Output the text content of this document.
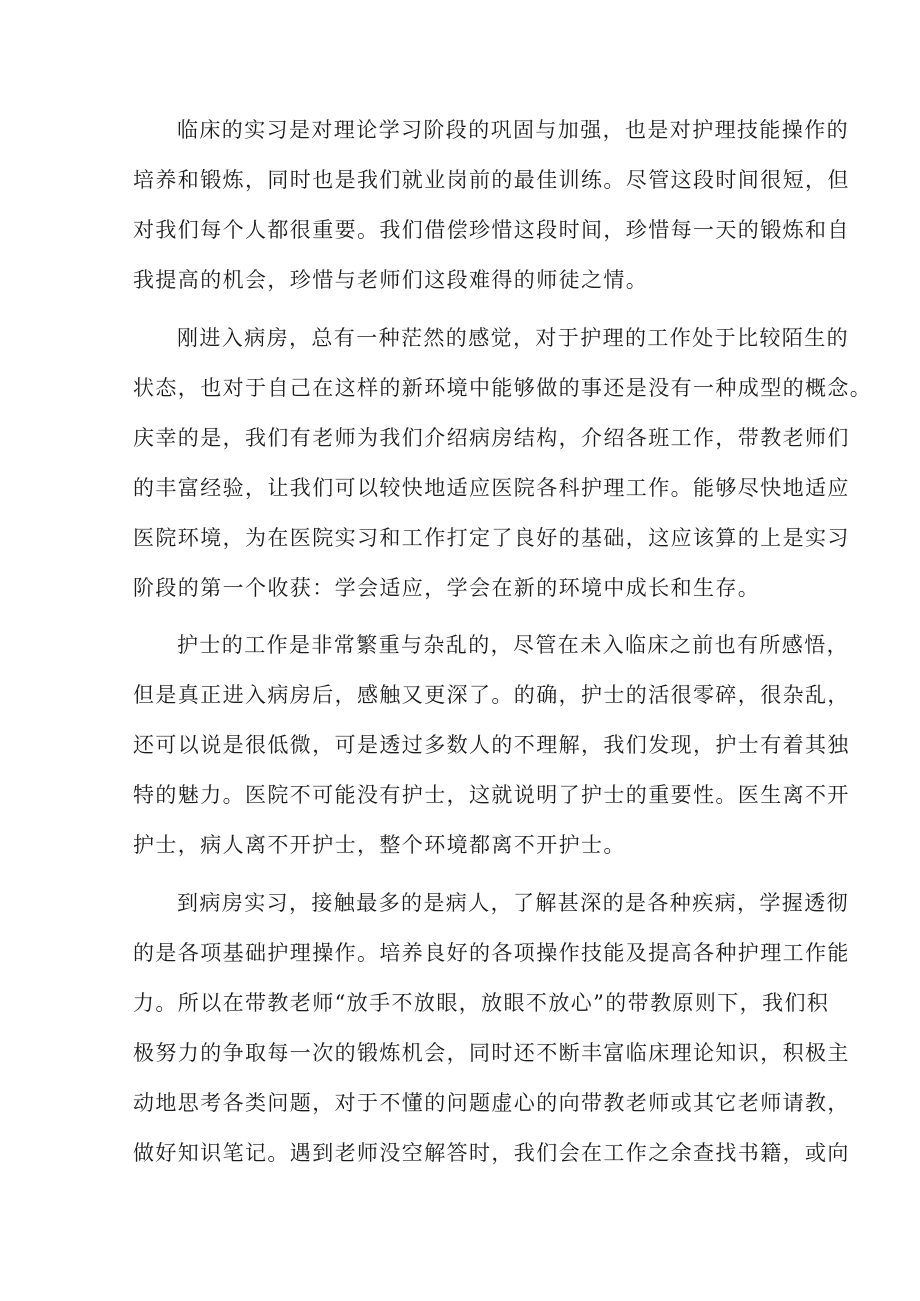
临床的实习是对理论学习阶段的巩固与加强，也是对护理技能操作的

培养和锻炼，同时也是我们就业岗前的最佳训练。尽管这段时间很短，但

对我们每个人都很重要。我们借偿珍惜这段时间，珍惜每一天的锻炼和自

我提高的机会，珍惜与老师们这段难得的师徒之情。

刚进入病房，总有一种茫然的感觉，对于护理的工作处于比较陌生的

状态，也对于自己在这样的新环境中能够做的事还是没有一种成型的概念。

庆幸的是，我们有老师为我们介绍病房结构，介绍各班工作，带教老师们

的丰富经验，让我们可以较快地适应医院各科护理工作。能够尽快地适应

医院环境，为在医院实习和工作打定了良好的基础，这应该算的上是实习

阶段的第一个收获：学会适应，学会在新的环境中成长和生存。

护士的工作是非常繁重与杂乱的，尽管在未入临床之前也有所感悟，

但是真正进入病房后，感触又更深了。的确，护士的活很零碎，很杂乱，

还可以说是很低微，可是透过多数人的不理解，我们发现，护士有着其独

特的魅力。医院不可能没有护士，这就说明了护士的重要性。医生离不开

护士，病人离不开护士，整个环境都离不开护士。

到病房实习，接触最多的是病人，了解甚深的是各种疾病，学握透彻

的是各项基础护理操作。培养良好的各项操作技能及提高各种护理工作能

力。所以在带教老师“放手不放眼，放眼不放心”的带教原则下，我们积

极努力的争取每一次的锻炼机会，同时还不断丰富临床理论知识，积极主

动地思考各类问题，对于不懂的问题虚心的向带教老师或其它老师请教，

做好知识笔记。遇到老师没空解答时，我们会在工作之余查找书籍，或向
